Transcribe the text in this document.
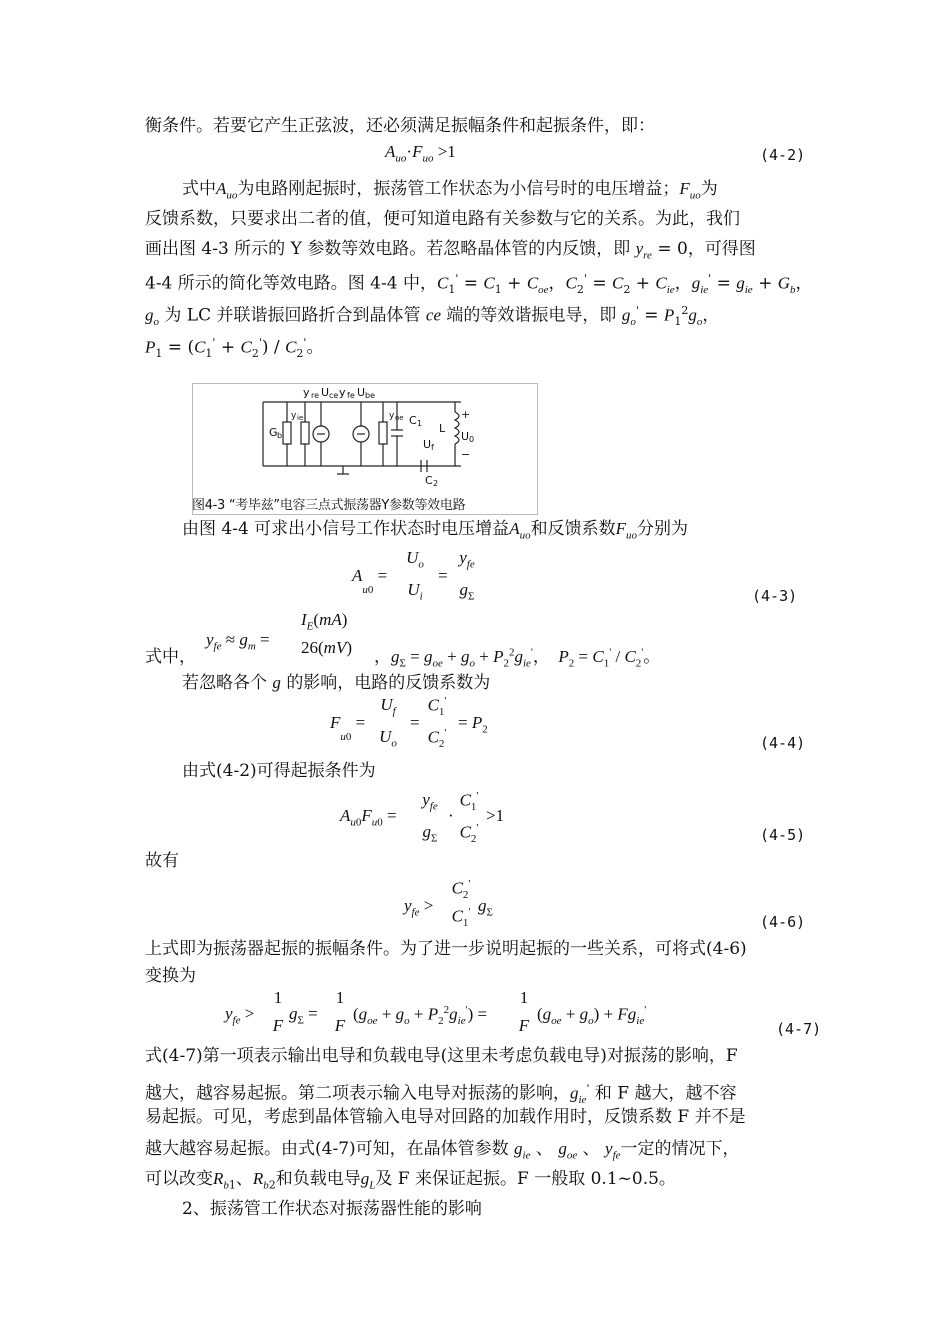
衡条件。若要它产生正弦波，还必须满足振幅条件和起振条件，即：
$A_{uo}\cdot F_{uo} >1$	(4-2)
式中$A_{uo}$为电路刚起振时，振荡管工作状态为小信号时的电压增益；$F_{uo}$为
反馈系数，只要求出二者的值，便可知道电路有关参数与它的关系。为此，我们
画出图 4-3 所示的 Y 参数等效电路。若忽略晶体管的内反馈，即 $y_{re} = 0$，可得图
4-4 所示的简化等效电路。图 4-4 中，$C_1' = C_1 + C_{oe}$，$C_2' = C_2 + C_{ie}$，$g_{ie}' = g_{ie} + G_b$，
$g_o$ 为 LC 并联谐振回路折合到晶体管 ce 端的等效谐振电导，即 $g_o' = P_1^2g_o$，
$P_1 = (C_1' + C_2') / C_2'$。
y re U ce y fe U be
G b
y ie	y oe C 1 L
U 0
U f
C 2
+
−
图4-3 “考毕兹”电容三点式振荡器Y参数等效电路
由图 4-4 可求出小信号工作状态时电压增益$A_{uo}$和反馈系数$F_{uo}$分别为
$A_{u0}$ =
$U_o$
$U_i$
=
$y_{fe}$
$g_\Sigma$	(4-3)
式中，
$y_{fe} \approx g_m$ =
$I_E(mA)$
26(mV) ，$g_\Sigma = g_{oe} + g_o + P_2^2g_{ie}'$，  $P_2 = C_1' / C_2'$。
若忽略各个 g 的影响，电路的反馈系数为
$F_{u0}$ =
$U_f$
$U_o$
=
$C_1'$
$C_2'$
= $P_2$
(4-4)
由式(4-2)可得起振条件为
$A_{u0}F_{u0}$ =
$y_{fe}$
$g_\Sigma$
·
$C_1'$
$C_2'$
>1
(4-5)
故有
$y_{fe}$ >
$C_2'$
$C_1'$ $g_\Sigma$
(4-6)
上式即为振荡器起振的振幅条件。为了进一步说明起振的一些关系，可将式(4-6)
变换为
$y_{fe}$ >
1
F
$g_\Sigma$ =
1
F
$(g_{oe} + g_o + P_2^2g_{ie}')$ =
1
F
$(g_{oe} + g_o) + Fg_{ie}'$
(4-7)
式(4-7)第一项表示输出电导和负载电导(这里未考虑负载电导)对振荡的影响，F
越大，越容易起振。第二项表示输入电导对振荡的影响，$g_{ie}'$ 和 F 越大，越不容
易起振。可见，考虑到晶体管输入电导对回路的加载作用时，反馈系数 F 并不是
越大越容易起振。由式(4-7)可知，在晶体管参数 $g_{ie}$ 、 $g_{oe}$ 、 $y_{fe}$一定的情况下，
可以改变$R_{b1}$、$R_{b2}$和负载电导$g_L$及 F 来保证起振。F 一般取 0.1~0.5。
2、振荡管工作状态对振荡器性能的影响
